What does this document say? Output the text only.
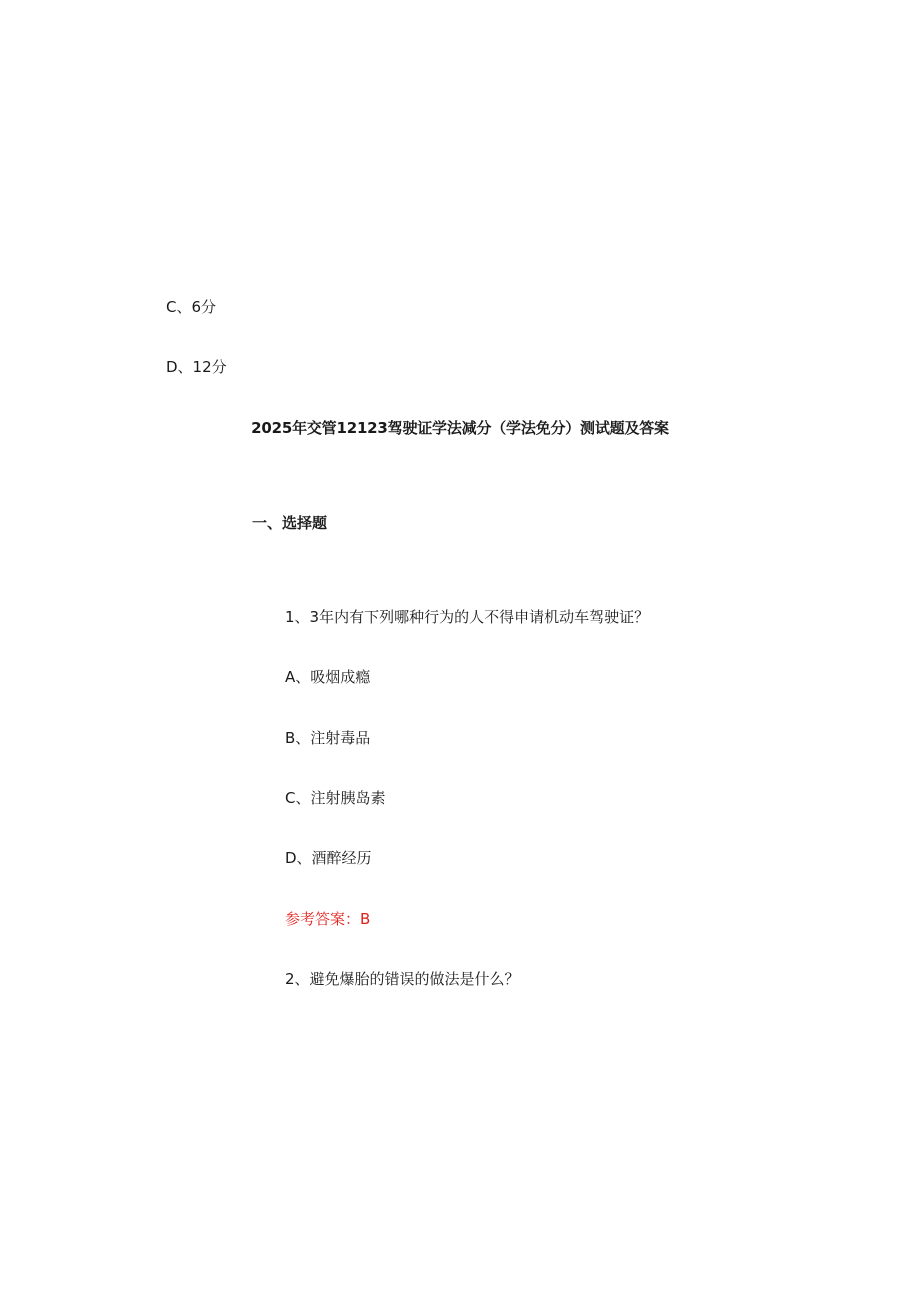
C、6分
D、12分
2025年交管12123驾驶证学法减分（学法免分）测试题及答案
一、选择题
1、3年内有下列哪种行为的人不得申请机动车驾驶证？
A、吸烟成瘾
B、注射毒品
C、注射胰岛素
D、酒醉经历
参考答案：B
2、避免爆胎的错误的做法是什么？
